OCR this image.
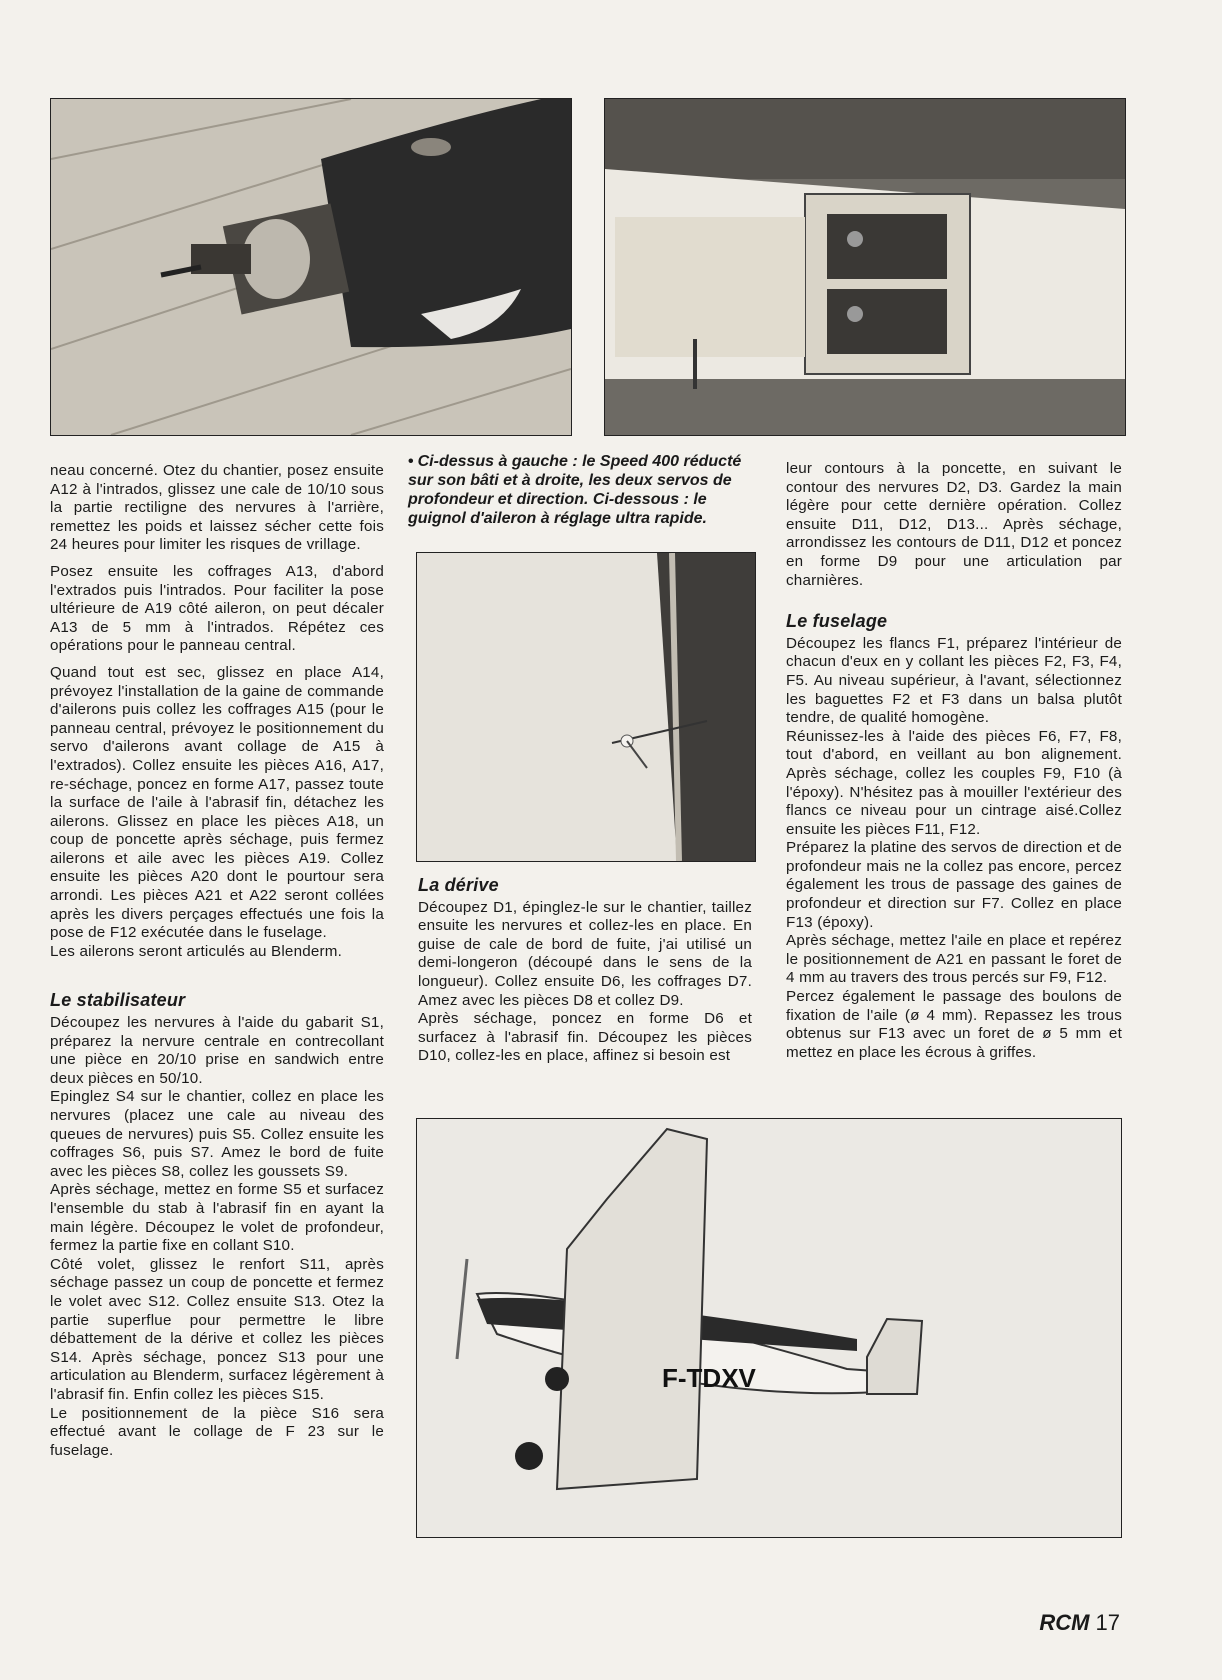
neau concerné. Otez du chantier, posez ensuite A12 à l'intrados, glissez une cale de 10/10 sous la partie rectiligne des nervures à l'arrière, remettez les poids et laissez sécher cette fois 24 heures pour limiter les risques de vrillage.

Posez ensuite les coffrages A13, d'abord l'extrados puis l'intrados. Pour faciliter la pose ultérieure de A19 côté aileron, on peut décaler A13 de 5 mm à l'intrados. Répétez ces opérations pour le panneau central.

Quand tout est sec, glissez en place A14, prévoyez l'installation de la gaine de commande d'ailerons puis collez les coffrages A15 (pour le panneau central, prévoyez le positionnement du servo d'ailerons avant collage de A15 à l'extrados). Collez ensuite les pièces A16, A17, re-séchage, poncez en forme A17, passez toute la surface de l'aile à l'abrasif fin, détachez les ailerons. Glissez en place les pièces A18, un coup de poncette après séchage, puis fermez ailerons et aile avec les pièces A19. Collez ensuite les pièces A20 dont le pourtour sera arrondi. Les pièces A21 et A22 seront collées après les divers perçages effectués une fois la pose de F12 exécutée dans le fuselage.

Les ailerons seront articulés au Blenderm.

Le stabilisateur

Découpez les nervures à l'aide du gabarit S1, préparez la nervure centrale en contrecollant une pièce en 20/10 prise en sandwich entre deux pièces en 50/10.

Epinglez S4 sur le chantier, collez en place les nervures (placez une cale au niveau des queues de nervures) puis S5. Collez ensuite les coffrages S6, puis S7. Amez le bord de fuite avec les pièces S8, collez les goussets S9.

Après séchage, mettez en forme S5 et surfacez l'ensemble du stab à l'abrasif fin en ayant la main légère. Découpez le volet de profondeur, fermez la partie fixe en collant S10.

Côté volet, glissez le renfort S11, après séchage passez un coup de poncette et fermez le volet avec S12. Collez ensuite S13. Otez la partie superflue pour permettre le libre débattement de la dérive et collez les pièces S14. Après séchage, poncez S13 pour une articulation au Blenderm, surfacez légèrement à l'abrasif fin. Enfin collez les pièces S15.

Le positionnement de la pièce S16 sera effectué avant le collage de F 23 sur le fuselage.

• Ci-dessus à gauche : le Speed 400 réducté sur son bâti et à droite, les deux servos de profondeur et direction. Ci-dessous : le guignol d'aileron à réglage ultra rapide.
La dérive

Découpez D1, épinglez-le sur le chantier, taillez ensuite les nervures et collez-les en place. En guise de cale de bord de fuite, j'ai utilisé un demi-longeron (découpé dans le sens de la longueur). Collez ensuite D6, les coffrages D7. Amez avec les pièces D8 et collez D9.

Après séchage, poncez en forme D6 et surfacez à l'abrasif fin. Découpez les pièces D10, collez-les en place, affinez si besoin est

leur contours à la poncette, en suivant le contour des nervures D2, D3. Gardez la main légère pour cette dernière opération. Collez ensuite D11, D12, D13... Après séchage, arrondissez les contours de D11, D12 et poncez en forme D9 pour une articulation par charnières.

Le fuselage

Découpez les flancs F1, préparez l'intérieur de chacun d'eux en y collant les pièces F2, F3, F4, F5. Au niveau supérieur, à l'avant, sélectionnez les baguettes F2 et F3 dans un balsa plutôt tendre, de qualité homogène.

Réunissez-les à l'aide des pièces F6, F7, F8, tout d'abord, en veillant au bon alignement. Après séchage, collez les couples F9, F10 (à l'époxy). N'hésitez pas à mouiller l'extérieur des flancs ce niveau pour un cintrage aisé.Collez ensuite les pièces F11, F12.

Préparez la platine des servos de direction et de profondeur mais ne la collez pas encore, percez également les trous de passage des gaines de profondeur et direction sur F7. Collez en place F13 (époxy).

Après séchage, mettez l'aile en place et repérez le positionnement de A21 en passant le foret de 4 mm au travers des trous percés sur F9, F12.

Percez également le passage des boulons de fixation de l'aile (ø 4 mm). Repassez les trous obtenus sur F13 avec un foret de ø 5 mm et mettez en place les écrous à griffes.

F-TDXV
RCM 17
